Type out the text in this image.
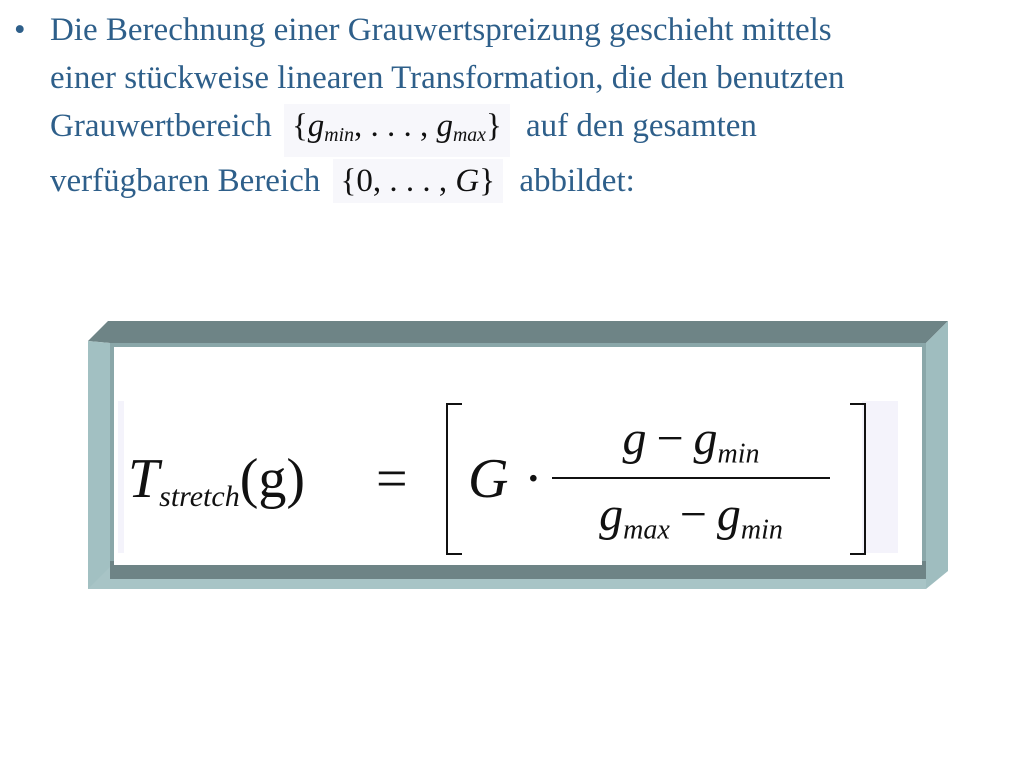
• Die Berechnung einer Grauwertspreizung geschieht mittels
einer stückweise linearen Transformation, die den benutzten
Grauwertbereich {$g_{min}$, . . . , $g_{max}$} auf den gesamten
verfügbaren Bereich {0, . . . , G} abbildet:
$T_{stretch}(g) = G$ ·
$g - g_{min}$
$g_{max} - g_{min}$
